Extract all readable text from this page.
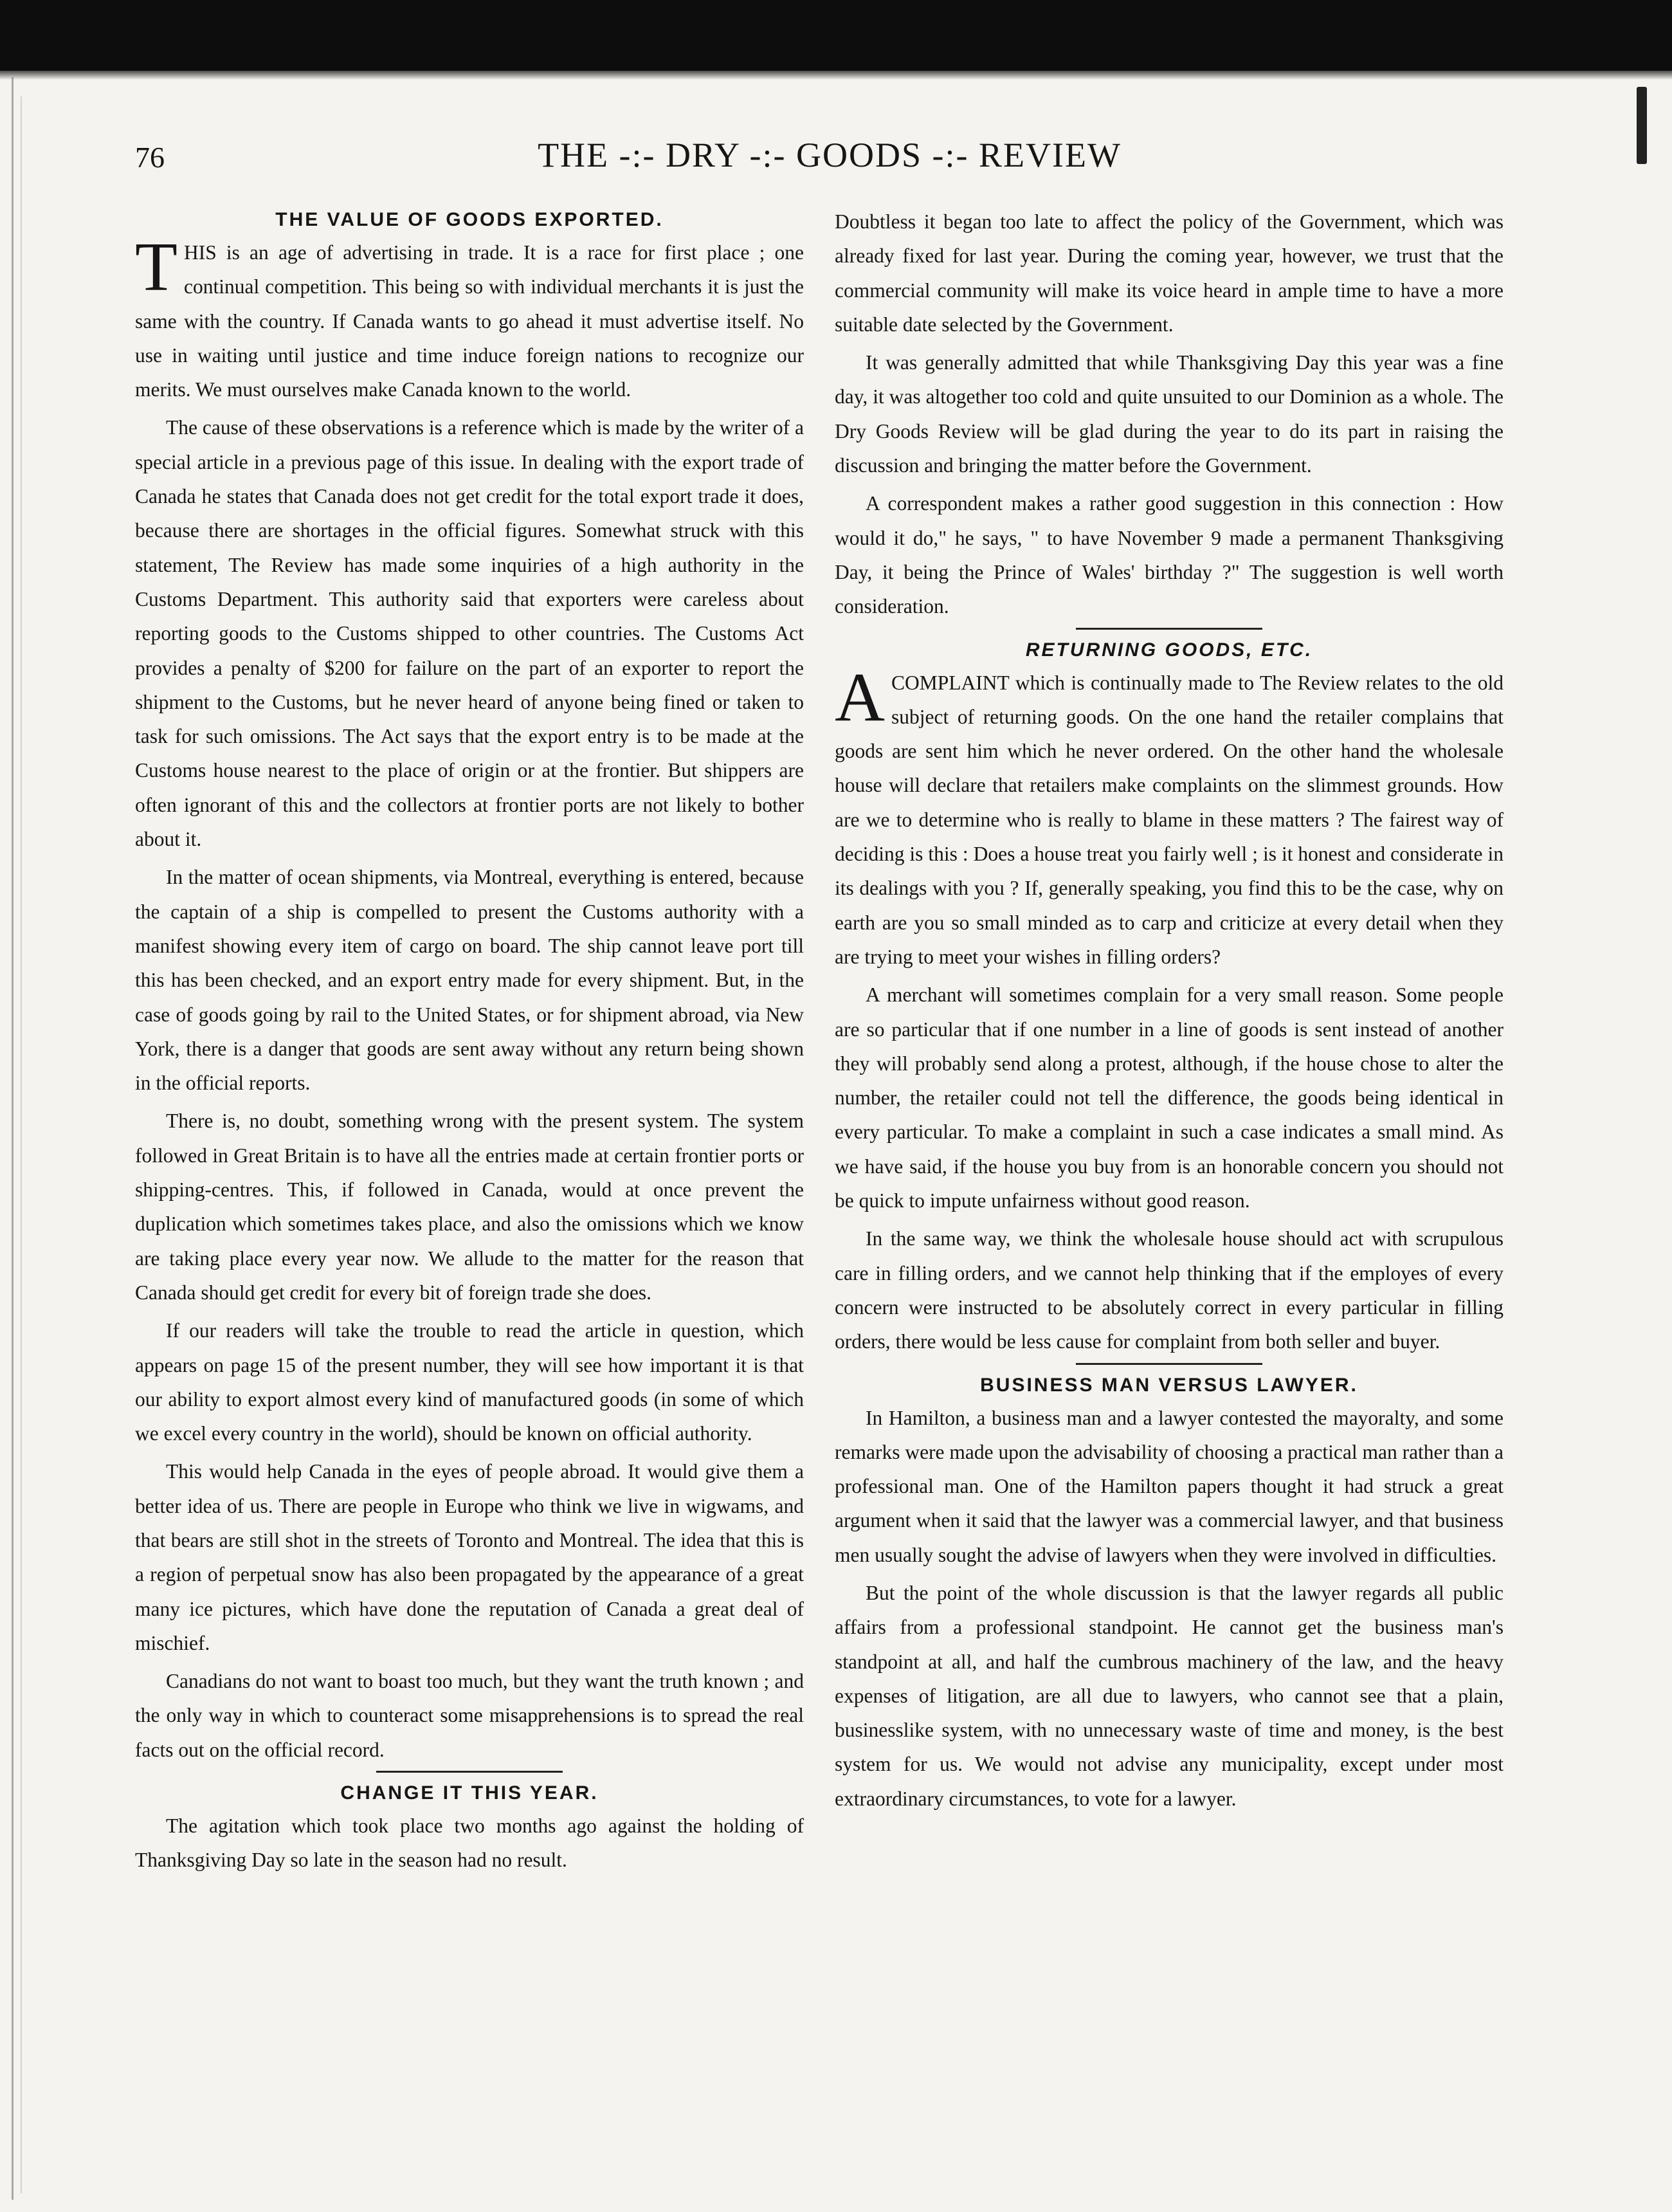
76	THE -:- DRY -:- GOODS -:- REVIEW
THE VALUE OF GOODS EXPORTED.

THIS is an age of advertising in trade. It is a race for first place ; one continual competition. This being so with individual merchants it is just the same with the country. If Canada wants to go ahead it must advertise itself. No use in waiting until justice and time induce foreign nations to recognize our merits. We must ourselves make Canada known to the world.

The cause of these observations is a reference which is made by the writer of a special article in a previous page of this issue. In dealing with the export trade of Canada he states that Canada does not get credit for the total export trade it does, because there are shortages in the official figures. Somewhat struck with this statement, The Review has made some inquiries of a high authority in the Customs Department. This authority said that exporters were careless about reporting goods to the Customs shipped to other countries. The Customs Act provides a penalty of $200 for failure on the part of an exporter to report the shipment to the Customs, but he never heard of anyone being fined or taken to task for such omissions. The Act says that the export entry is to be made at the Customs house nearest to the place of origin or at the frontier. But shippers are often ignorant of this and the collectors at frontier ports are not likely to bother about it.

In the matter of ocean shipments, via Montreal, everything is entered, because the captain of a ship is compelled to present the Customs authority with a manifest showing every item of cargo on board. The ship cannot leave port till this has been checked, and an export entry made for every shipment. But, in the case of goods going by rail to the United States, or for shipment abroad, via New York, there is a danger that goods are sent away without any return being shown in the official reports.

There is, no doubt, something wrong with the present system. The system followed in Great Britain is to have all the entries made at certain frontier ports or shipping-centres. This, if followed in Canada, would at once prevent the duplication which sometimes takes place, and also the omissions which we know are taking place every year now. We allude to the matter for the reason that Canada should get credit for every bit of foreign trade she does.

If our readers will take the trouble to read the article in question, which appears on page 15 of the present number, they will see how important it is that our ability to export almost every kind of manufactured goods (in some of which we excel every country in the world), should be known on official authority.

This would help Canada in the eyes of people abroad. It would give them a better idea of us. There are people in Europe who think we live in wigwams, and that bears are still shot in the streets of Toronto and Montreal. The idea that this is a region of perpetual snow has also been propagated by the appearance of a great many ice pictures, which have done the reputation of Canada a great deal of mischief.

Canadians do not want to boast too much, but they want the truth known ; and the only way in which to counteract some misapprehensions is to spread the real facts out on the official record.

CHANGE IT THIS YEAR.

The agitation which took place two months ago against the holding of Thanksgiving Day so late in the season had no result.

Doubtless it began too late to affect the policy of the Government, which was already fixed for last year. During the coming year, however, we trust that the commercial community will make its voice heard in ample time to have a more suitable date selected by the Government.

It was generally admitted that while Thanksgiving Day this year was a fine day, it was altogether too cold and quite unsuited to our Dominion as a whole. The Dry Goods Review will be glad during the year to do its part in raising the discussion and bringing the matter before the Government.

A correspondent makes a rather good suggestion in this connection : How would it do," he says, " to have November 9 made a permanent Thanksgiving Day, it being the Prince of Wales' birthday ?" The suggestion is well worth consideration.

RETURNING GOODS, ETC.

ACOMPLAINT which is continually made to The Review relates to the old subject of returning goods. On the one hand the retailer complains that goods are sent him which he never ordered. On the other hand the wholesale house will declare that retailers make complaints on the slimmest grounds. How are we to determine who is really to blame in these matters ? The fairest way of deciding is this : Does a house treat you fairly well ; is it honest and considerate in its dealings with you ? If, generally speaking, you find this to be the case, why on earth are you so small minded as to carp and criticize at every detail when they are trying to meet your wishes in filling orders?

A merchant will sometimes complain for a very small reason. Some people are so particular that if one number in a line of goods is sent instead of another they will probably send along a protest, although, if the house chose to alter the number, the retailer could not tell the difference, the goods being identical in every particular. To make a complaint in such a case indicates a small mind. As we have said, if the house you buy from is an honorable concern you should not be quick to impute unfairness without good reason.

In the same way, we think the wholesale house should act with scrupulous care in filling orders, and we cannot help thinking that if the employes of every concern were instructed to be absolutely correct in every particular in filling orders, there would be less cause for complaint from both seller and buyer.

BUSINESS MAN VERSUS LAWYER.

In Hamilton, a business man and a lawyer contested the mayoralty, and some remarks were made upon the advisability of choosing a practical man rather than a professional man. One of the Hamilton papers thought it had struck a great argument when it said that the lawyer was a commercial lawyer, and that business men usually sought the advise of lawyers when they were involved in difficulties.

But the point of the whole discussion is that the lawyer regards all public affairs from a professional standpoint. He cannot get the business man's standpoint at all, and half the cumbrous machinery of the law, and the heavy expenses of litigation, are all due to lawyers, who cannot see that a plain, businesslike system, with no unnecessary waste of time and money, is the best system for us. We would not advise any municipality, except under most extraordinary circumstances, to vote for a lawyer.
